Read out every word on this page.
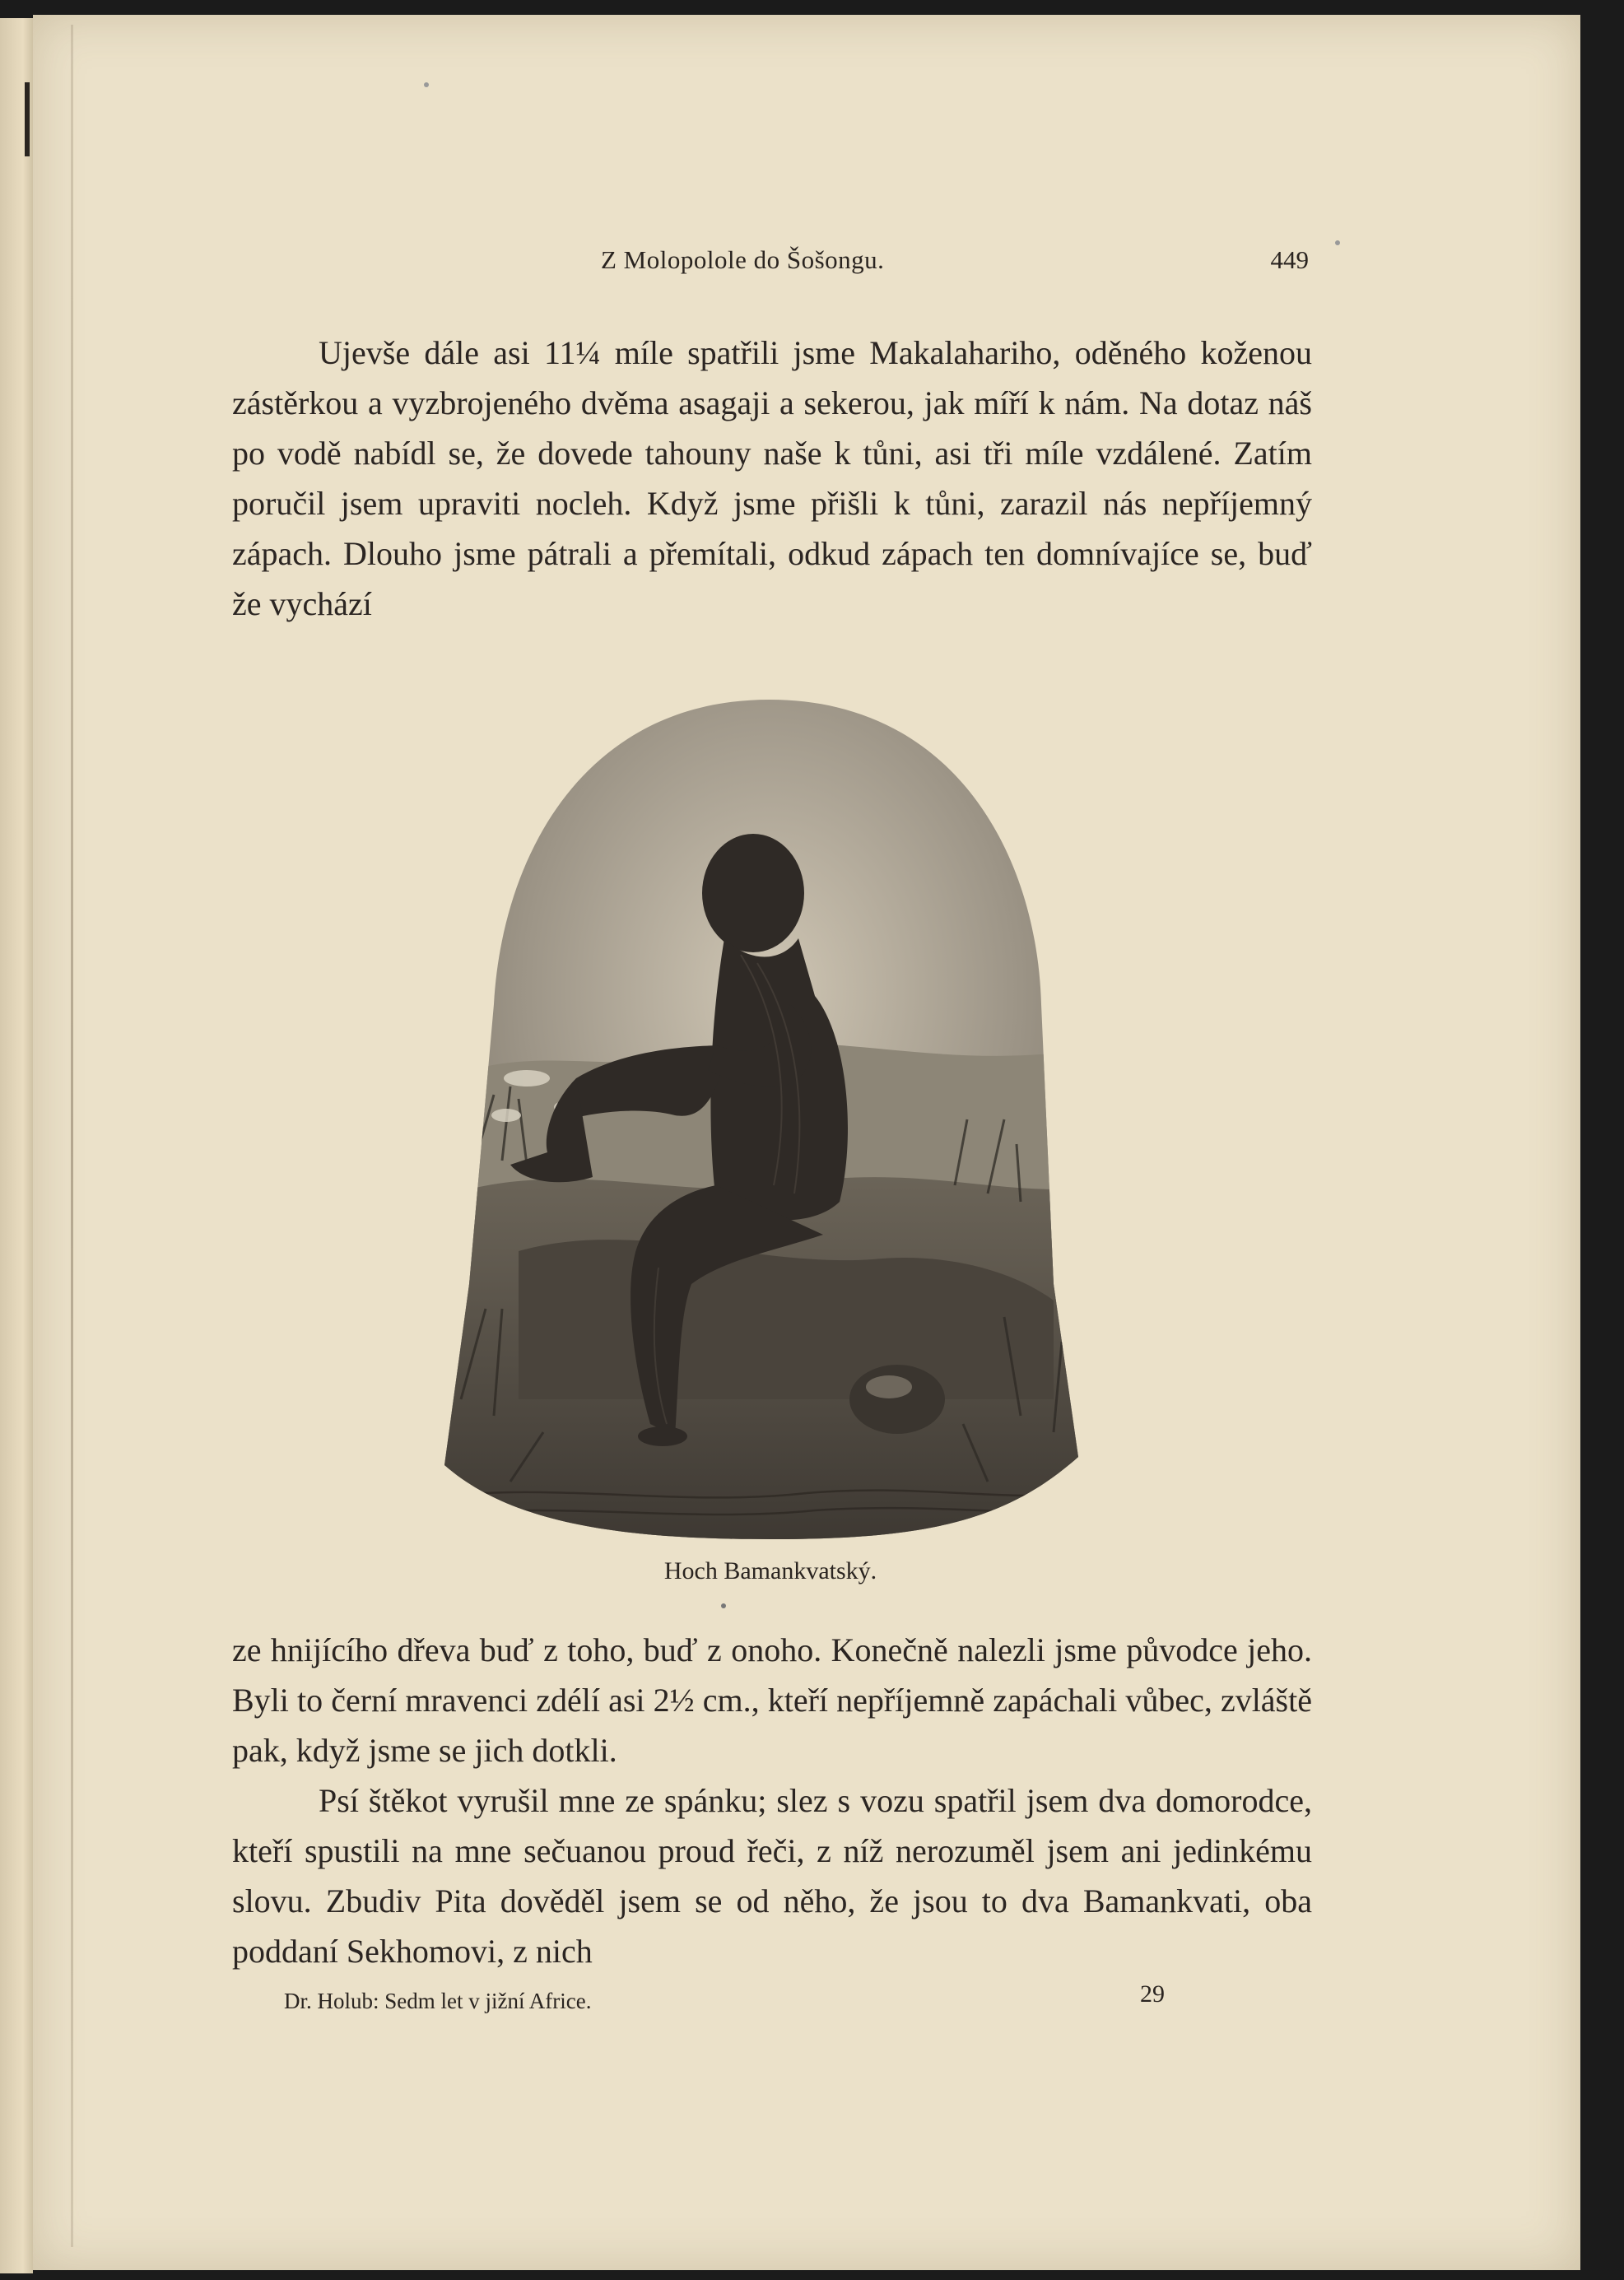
Z Molopolole do Šošongu.	449

Ujevše dále asi 11¼ míle spatřili jsme Makalahariho, oděného koženou zástěrkou a vyzbrojeného dvěma asagaji a sekerou, jak míří k nám. Na dotaz náš po vodě nabídl se, že dovede tahouny naše k tůni, asi tři míle vzdálené. Zatím poručil jsem upraviti nocleh. Když jsme přišli k tůni, zarazil nás nepříjemný zápach. Dlouho jsme pátrali a přemítali, odkud zápach ten domnívajíce se, buď že vychází

Hoch Bamankvatský.

ze hnijícího dřeva buď z toho, buď z onoho. Konečně nalezli jsme původce jeho. Byli to černí mravenci zdélí asi 2½ cm., kteří nepříjemně zapáchali vůbec, zvláště pak, když jsme se jich dotkli.

Psí štěkot vyrušil mne ze spánku; slez s vozu spatřil jsem dva domorodce, kteří spustili na mne sečuanou proud řeči, z níž nerozuměl jsem ani jedinkému slovu. Zbudiv Pita dověděl jsem se od něho, že jsou to dva Bamankvati, oba poddaní Sekhomovi, z nich

Dr. Holub: Sedm let v jižní Africe.	29
